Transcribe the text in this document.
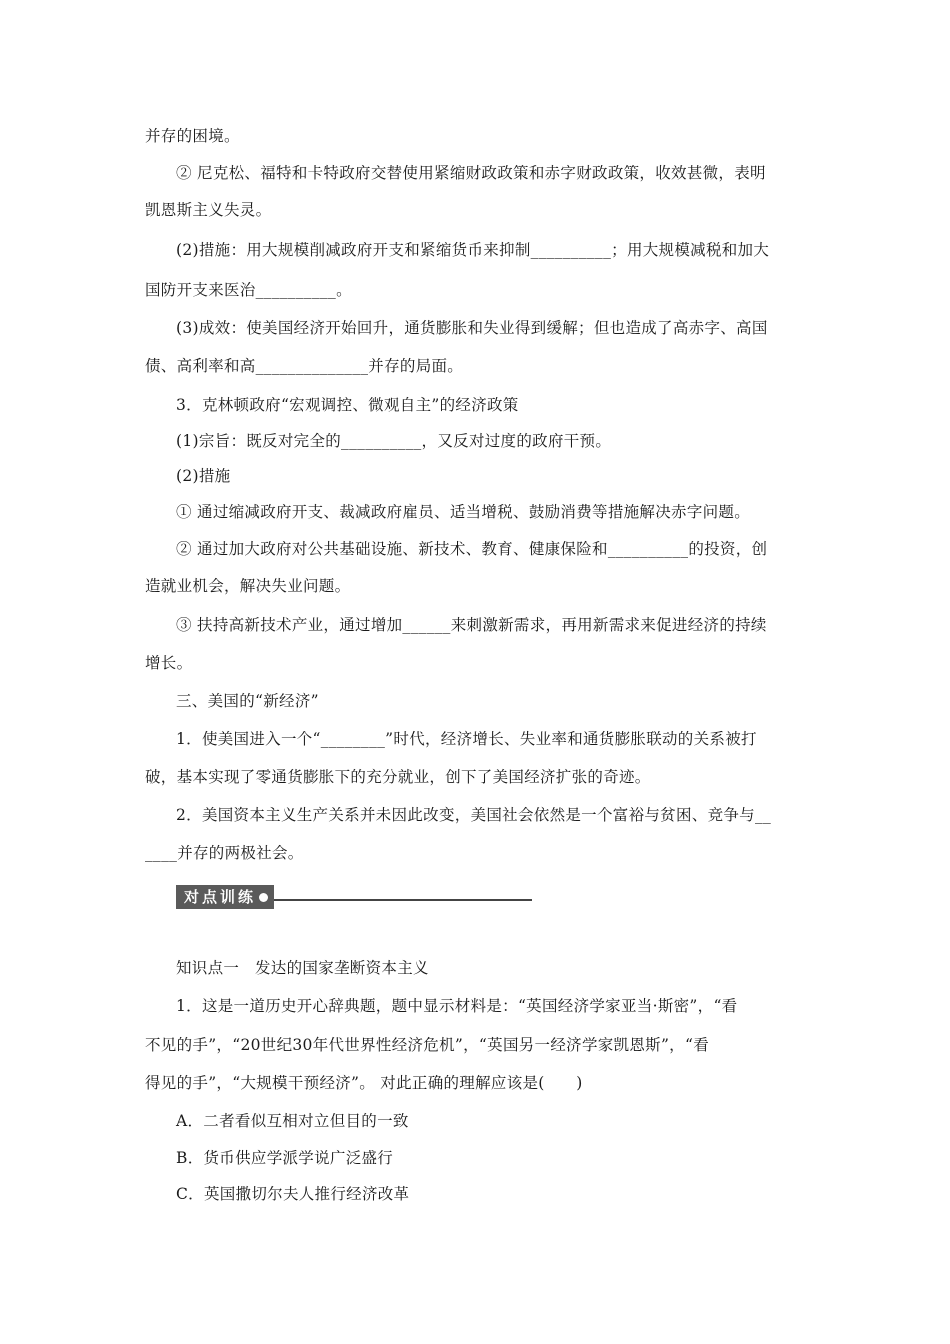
并存的困境。
② 尼克松、福特和卡特政府交替使用紧缩财政政策和赤字财政政策，收效甚微，表明
凯恩斯主义失灵。
(2)措施：用大规模削减政府开支和紧缩货币来抑制__________；用大规模减税和加大
国防开支来医治__________。
(3)成效：使美国经济开始回升，通货膨胀和失业得到缓解；但也造成了高赤字、高国
债、高利率和高______________并存的局面。
3．克林顿政府“宏观调控、微观自主”的经济政策
(1)宗旨：既反对完全的__________，又反对过度的政府干预。
(2)措施
① 通过缩减政府开支、裁减政府雇员、适当增税、鼓励消费等措施解决赤字问题。
② 通过加大政府对公共基础设施、新技术、教育、健康保险和__________的投资，创
造就业机会，解决失业问题。
③ 扶持高新技术产业，通过增加______来刺激新需求，再用新需求来促进经济的持续
增长。
三、美国的“新经济”
1．使美国进入一个“________”时代，经济增长、失业率和通货膨胀联动的关系被打
破，基本实现了零通货膨胀下的充分就业，创下了美国经济扩张的奇迹。
2．美国资本主义生产关系并未因此改变，美国社会依然是一个富裕与贫困、竞争与__
____并存的两极社会。
对点训练
知识点一　发达的国家垄断资本主义
1．这是一道历史开心辞典题，题中显示材料是：“英国经济学家亚当·斯密”，“看
不见的手”，“20世纪30年代世界性经济危机”，“英国另一经济学家凯恩斯”，“看
得见的手”，“大规模干预经济”。 对此正确的理解应该是(　　)
A．二者看似互相对立但目的一致
B．货币供应学派学说广泛盛行
C．英国撒切尔夫人推行经济改革
